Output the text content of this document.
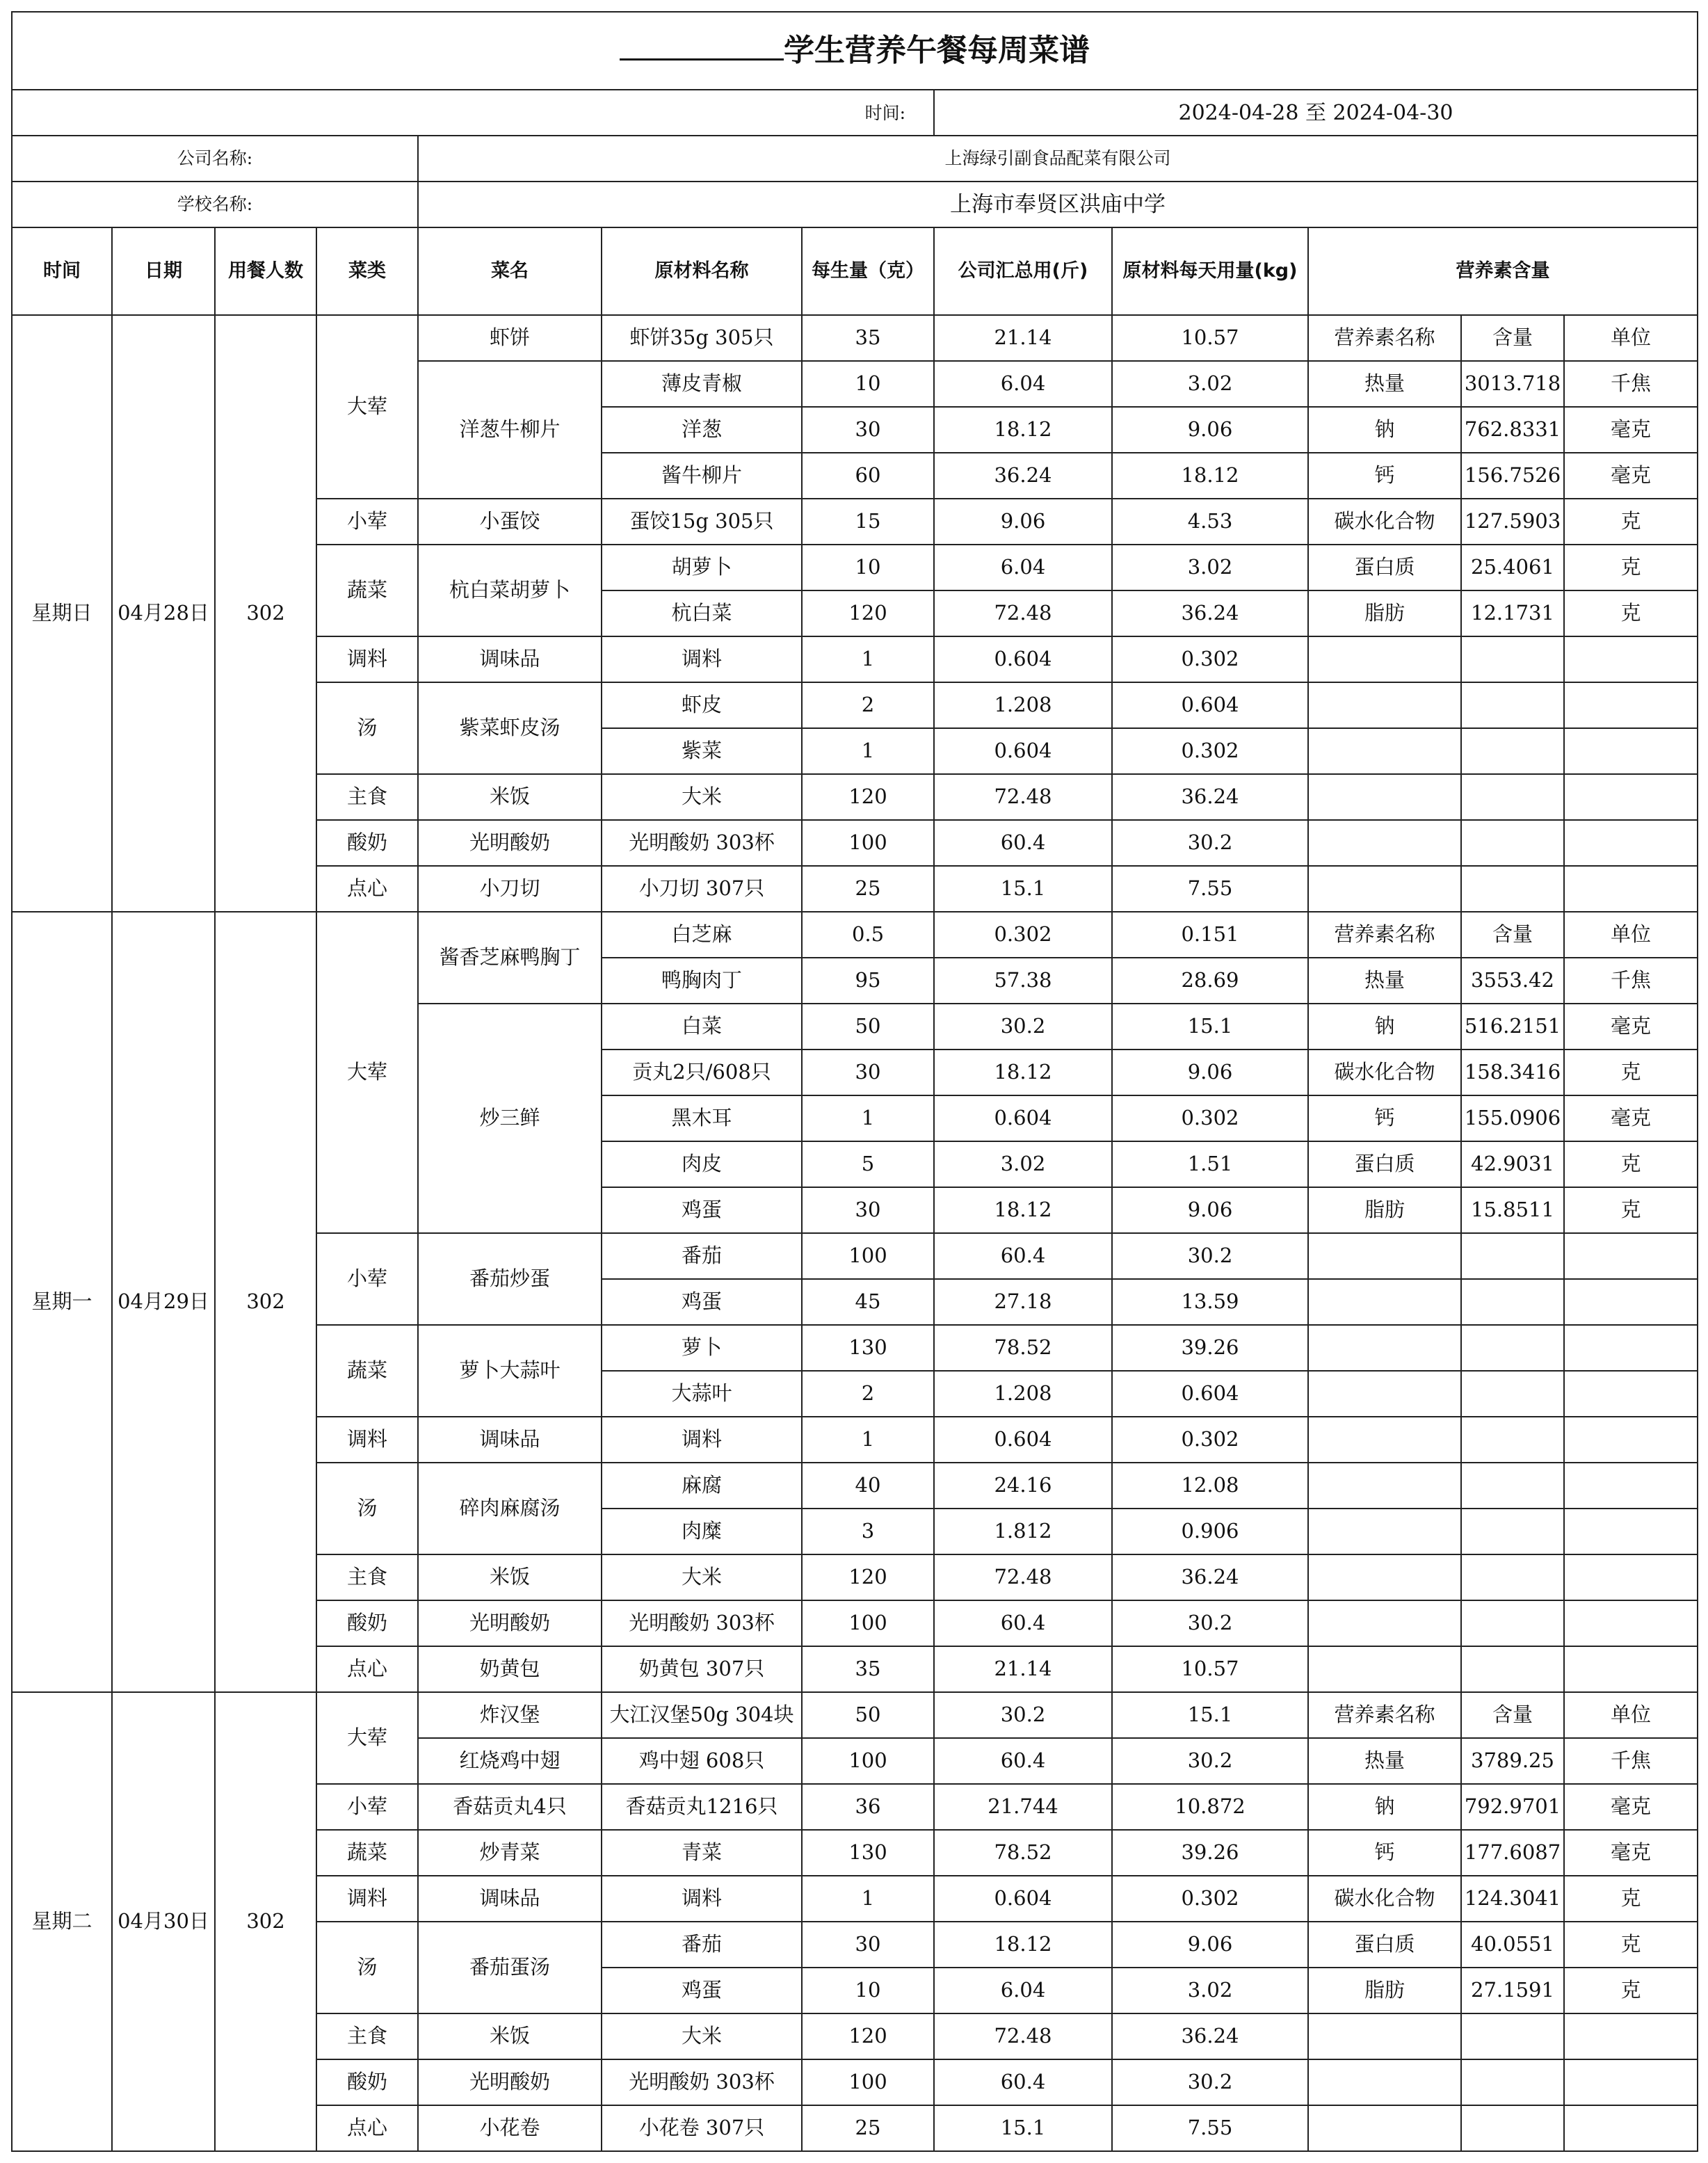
学生营养午餐每周菜谱											
时间:							2024-04-28 至 2024-04-30				
公司名称:				上海绿引副食品配菜有限公司							
学校名称:				上海市奉贤区洪庙中学							
时间	日期	用餐人数	菜类	菜名	原材料名称	每生量（克）	公司汇总用(斤)	原材料每天用量(kg)	营养素含量		
星期日	04月28日	302	大荤	虾饼	虾饼35g 305只	35	21.14	10.57	营养素名称	含量	单位
				洋葱牛柳片	薄皮青椒	10	6.04	3.02	热量	3013.718	千焦
					洋葱	30	18.12	9.06	钠	762.8331	毫克
					酱牛柳片	60	36.24	18.12	钙	156.7526	毫克
			小荤	小蛋饺	蛋饺15g 305只	15	9.06	4.53	碳水化合物	127.5903	克
			蔬菜	杭白菜胡萝卜	胡萝卜	10	6.04	3.02	蛋白质	25.4061	克
					杭白菜	120	72.48	36.24	脂肪	12.1731	克
			调料	调味品	调料	1	0.604	0.302			
			汤	紫菜虾皮汤	虾皮	2	1.208	0.604			
					紫菜	1	0.604	0.302			
			主食	米饭	大米	120	72.48	36.24			
			酸奶	光明酸奶	光明酸奶 303杯	100	60.4	30.2			
			点心	小刀切	小刀切 307只	25	15.1	7.55			
星期一	04月29日	302	大荤	酱香芝麻鸭胸丁	白芝麻	0.5	0.302	0.151	营养素名称	含量	单位
					鸭胸肉丁	95	57.38	28.69	热量	3553.42	千焦
				炒三鲜	白菜	50	30.2	15.1	钠	516.2151	毫克
					贡丸2只/608只	30	18.12	9.06	碳水化合物	158.3416	克
					黑木耳	1	0.604	0.302	钙	155.0906	毫克
					肉皮	5	3.02	1.51	蛋白质	42.9031	克
					鸡蛋	30	18.12	9.06	脂肪	15.8511	克
			小荤	番茄炒蛋	番茄	100	60.4	30.2			
					鸡蛋	45	27.18	13.59			
			蔬菜	萝卜大蒜叶	萝卜	130	78.52	39.26			
					大蒜叶	2	1.208	0.604			
			调料	调味品	调料	1	0.604	0.302			
			汤	碎肉麻腐汤	麻腐	40	24.16	12.08			
					肉糜	3	1.812	0.906			
			主食	米饭	大米	120	72.48	36.24			
			酸奶	光明酸奶	光明酸奶 303杯	100	60.4	30.2			
			点心	奶黄包	奶黄包 307只	35	21.14	10.57			
星期二	04月30日	302	大荤	炸汉堡	大江汉堡50g 304块	50	30.2	15.1	营养素名称	含量	单位
				红烧鸡中翅	鸡中翅 608只	100	60.4	30.2	热量	3789.25	千焦
			小荤	香菇贡丸4只	香菇贡丸1216只	36	21.744	10.872	钠	792.9701	毫克
			蔬菜	炒青菜	青菜	130	78.52	39.26	钙	177.6087	毫克
			调料	调味品	调料	1	0.604	0.302	碳水化合物	124.3041	克
			汤	番茄蛋汤	番茄	30	18.12	9.06	蛋白质	40.0551	克
					鸡蛋	10	6.04	3.02	脂肪	27.1591	克
			主食	米饭	大米	120	72.48	36.24			
			酸奶	光明酸奶	光明酸奶 303杯	100	60.4	30.2			
			点心	小花卷	小花卷 307只	25	15.1	7.55			
